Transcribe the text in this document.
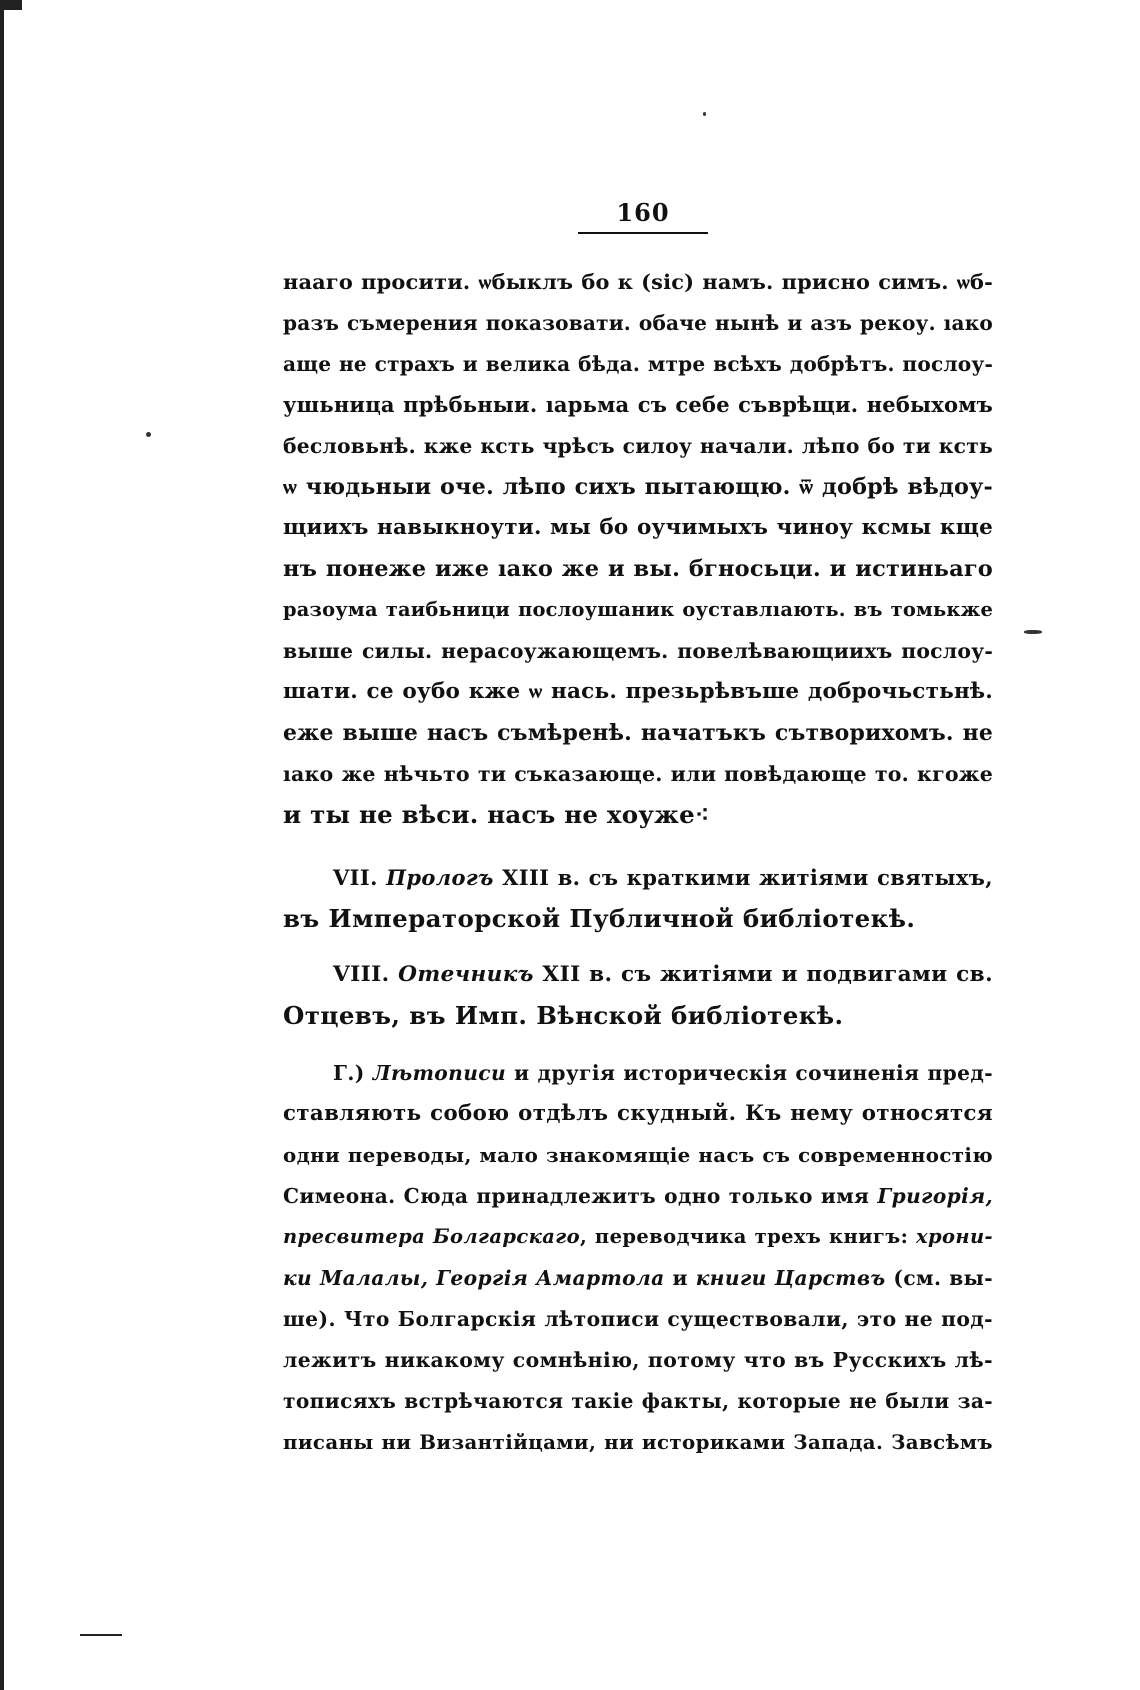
160
нааго просити. ѡбыклъ бо к (sic) намъ. присно симъ. ѡб-
разъ съмерения показовати. обаче нынѣ и азъ рекоу. ıако
аще не страхъ и велика бѣда. мтре вcѣхъ добрѣтъ. послоу-
ушьница прѣбьныи. ıарьма съ себе съврѣщи. небыхомъ
бесловьнѣ. кже ксть чрѣсъ силоу начали. лѣпо бо ти ксть
ѡ чюдьныи оче. лѣпо сихъ пытающю. ѿ добрѣ вѣдоу-
щиихъ навыкноути. мы бо оучимыхъ чиноу ксмы кще
нъ понеже иже ıако же и вы. бгносьци. и истиньаго
разоума таибьници послоушаник оуставлıають. въ томькже
выше силы. нерасоужающемъ. повелѣвающиихъ послоу-
шати. се оубо кже ѡ нась. презьрѣвъше доброчьстьнѣ.
еже выше насъ съмѣренѣ. начатъкъ сътворихомъ. не
ıако же нѣчьто ти съказающе. или повѣдающе то. кгоже
и ты не вѣси. насъ не хоуже⁖
VII. Прологъ XIII в. съ краткими житіями святыхъ,
въ Императорской Публичной библіотекѣ.
VIII. Отечникъ XII в. съ житіями и подвигами св.
Отцевъ, въ Имп. Вѣнской библіотекѣ.
Г.) Лѣтописи и другія историческія сочиненія пред-
ставляють собою отдѣлъ скудный. Къ нему относятся
одни переводы, мало знакомящіе насъ съ современностію
Симеона. Сюда принадлежитъ одно только имя Григорія,
пресвитера Болгарскаго, переводчика трехъ книгъ: хрони-
ки Малалы, Георгія Амартола и книги Царствъ (см. вы-
ше). Что Болгарскія лѣтописи существовали, это не под-
лежитъ никакому сомнѣнію, потому что въ Русскихъ лѣ-
тописяхъ встрѣчаются такіе факты, которые не были за-
писаны ни Византійцами, ни историками Запада. Завсѣмъ
